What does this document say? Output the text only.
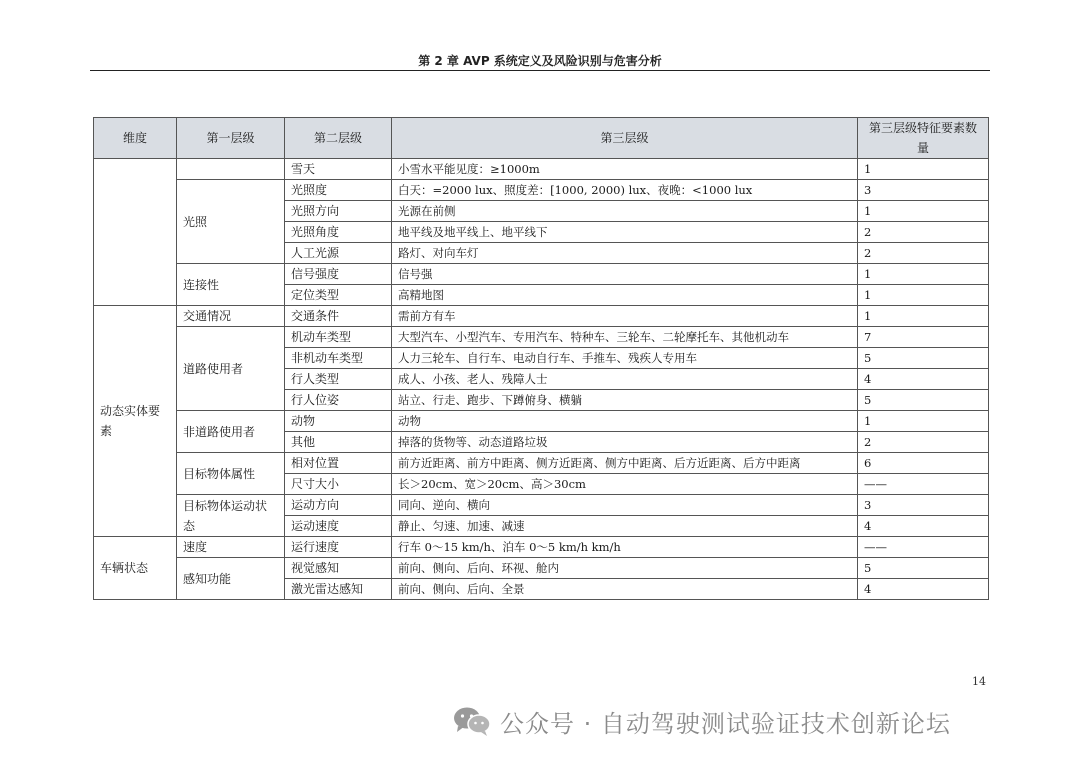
第 2 章 AVP 系统定义及风险识别与危害分析
维度	第一层级	第二层级	第三层级	第三层级特征要素数量
		雪天	小雪水平能见度：≥1000m	1
	光照	光照度	白天：=2000 lux、照度差：[1000, 2000) lux、夜晚：<1000 lux	3
		光照方向	光源在前侧	1
		光照角度	地平线及地平线上、地平线下	2
		人工光源	路灯、对向车灯	2
	连接性	信号强度	信号强	1
		定位类型	高精地图	1
动态实体要素	交通情况	交通条件	需前方有车	1
	道路使用者	机动车类型	大型汽车、小型汽车、专用汽车、特种车、三轮车、二轮摩托车、其他机动车	7
		非机动车类型	人力三轮车、自行车、电动自行车、手推车、残疾人专用车	5
		行人类型	成人、小孩、老人、残障人士	4
		行人位姿	站立、行走、跑步、下蹲俯身、横躺	5
	非道路使用者	动物	动物	1
		其他	掉落的货物等、动态道路垃圾	2
	目标物体属性	相对位置	前方近距离、前方中距离、侧方近距离、侧方中距离、后方近距离、后方中距离	6
		尺寸大小	长＞20cm、宽＞20cm、高＞30cm	——
	目标物体运动状态	运动方向	同向、逆向、横向	3
		运动速度	静止、匀速、加速、减速	4
车辆状态	速度	运行速度	行车 0～15 km/h、泊车 0～5 km/h km/h	——
	感知功能	视觉感知	前向、侧向、后向、环视、舱内	5
		激光雷达感知	前向、侧向、后向、全景	4
14
公众号 · 自动驾驶测试验证技术创新论坛
